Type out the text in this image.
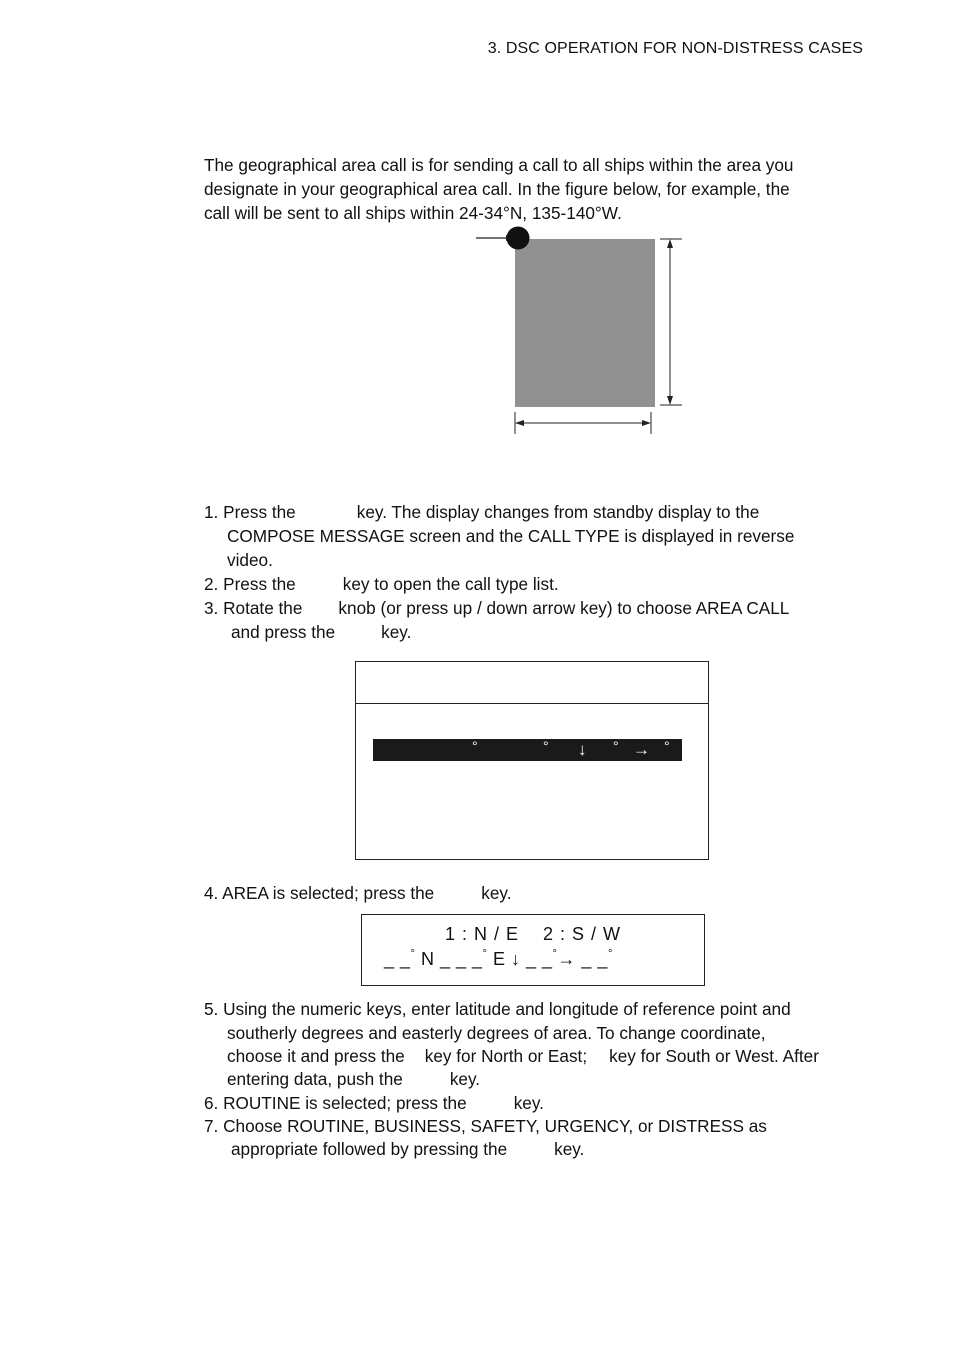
3. DSC OPERATION FOR NON-DISTRESS CASES
The geographical area call is for sending a call to all ships within the area you
designate in your geographical area call. In the figure below, for example, the
call will be sent to all ships within 24-34°N, 135-140°W.
1. Press the	key. The display changes from standby display to the
COMPOSE MESSAGE screen and the CALL TYPE is displayed in reverse
video.
2. Press the	key to open the call type list.
3. Rotate the knob (or press up / down arrow key) to choose AREA CALL
and press the	key.
°	° ↓ ° → °
4. AREA is selected; press the	key.
1 : N / E    2 : S / W
_ _° N _ _ _° E ↓ _ _°→ _ _°
5. Using the numeric keys, enter latitude and longitude of reference point and
southerly degrees and easterly degrees of area. To change coordinate,
choose it and press the key for North or East; key for South or West. After
entering data, push the	key.
6. ROUTINE is selected; press the	key.
7. Choose ROUTINE, BUSINESS, SAFETY, URGENCY, or DISTRESS as
appropriate followed by pressing the	key.
